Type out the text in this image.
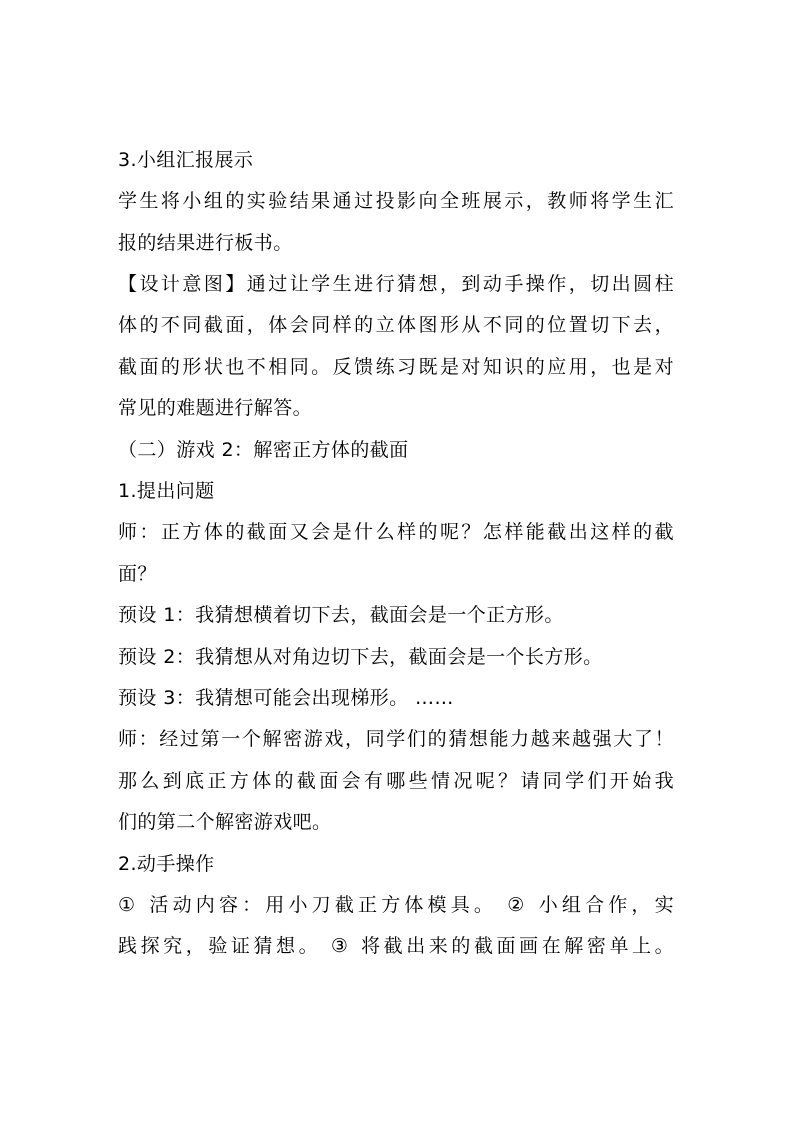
3.小组汇报展示
学生将小组的实验结果通过投影向全班展示，教师将学生汇
报的结果进行板书。
【设计意图】通过让学生进行猜想，到动手操作，切出圆柱
体的不同截面，体会同样的立体图形从不同的位置切下去，
截面的形状也不相同。反馈练习既是对知识的应用，也是对
常见的难题进行解答。
（二）游戏 2：解密正方体的截面
1.提出问题
师：正方体的截面又会是什么样的呢？怎样能截出这样的截
面？
预设 1：我猜想横着切下去，截面会是一个正方形。
预设 2：我猜想从对角边切下去，截面会是一个长方形。
预设 3：我猜想可能会出现梯形。 ……
师：经过第一个解密游戏，同学们的猜想能力越来越强大了！
那么到底正方体的截面会有哪些情况呢？请同学们开始我
们的第二个解密游戏吧。
2.动手操作
① 活动内容：用小刀截正方体模具。 ② 小组合作，实
践探究，验证猜想。 ③ 将截出来的截面画在解密单上。
